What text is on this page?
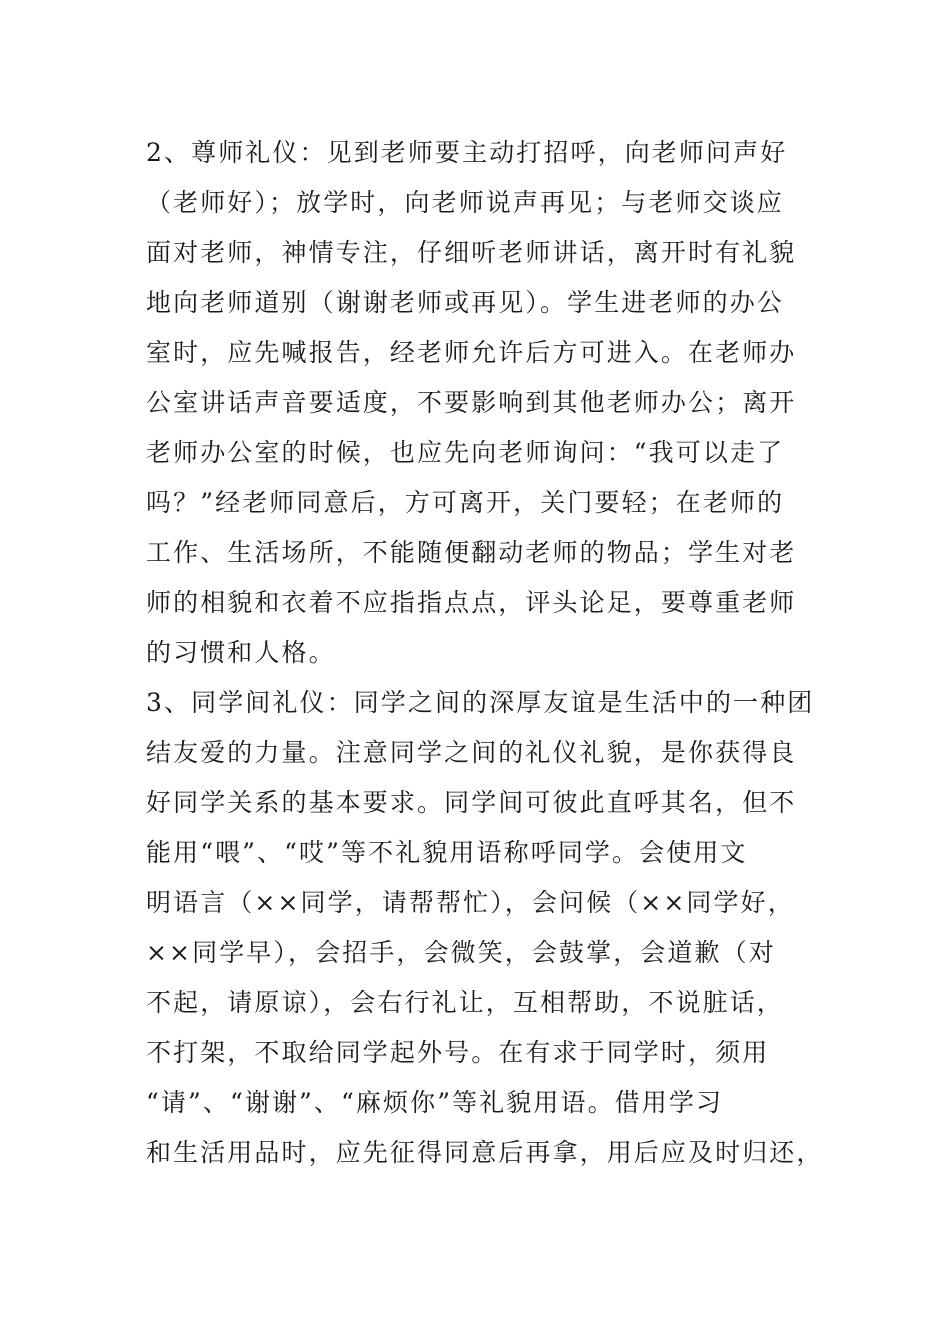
2、尊师礼仪：见到老师要主动打招呼，向老师问声好
（老师好）；放学时，向老师说声再见；与老师交谈应
面对老师，神情专注，仔细听老师讲话，离开时有礼貌
地向老师道别（谢谢老师或再见）。学生进老师的办公
室时，应先喊报告，经老师允许后方可进入。在老师办
公室讲话声音要适度，不要影响到其他老师办公；离开
老师办公室的时候，也应先向老师询问：“我可以走了
吗？”经老师同意后，方可离开，关门要轻；在老师的
工作、生活场所，不能随便翻动老师的物品；学生对老
师的相貌和衣着不应指指点点，评头论足，要尊重老师
的习惯和人格。
3、同学间礼仪：同学之间的深厚友谊是生活中的一种团
结友爱的力量。注意同学之间的礼仪礼貌，是你获得良
好同学关系的基本要求。同学间可彼此直呼其名，但不
能用“喂”、“哎”等不礼貌用语称呼同学。会使用文
明语言（××同学，请帮帮忙），会问候（××同学好，
××同学早），会招手，会微笑，会鼓掌，会道歉（对
不起，请原谅），会右行礼让，互相帮助，不说脏话，
不打架，不取给同学起外号。在有求于同学时，须用
“请”、“谢谢”、“麻烦你”等礼貌用语。借用学习
和生活用品时，应先征得同意后再拿，用后应及时归还，
